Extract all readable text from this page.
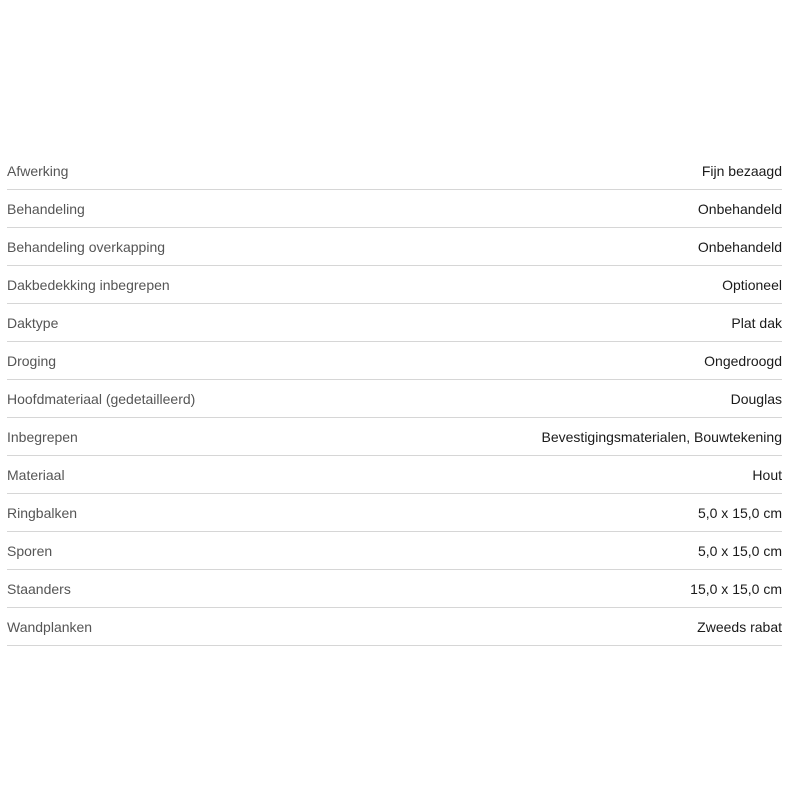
Afwerking	Fijn bezaagd
Behandeling	Onbehandeld
Behandeling overkapping	Onbehandeld
Dakbedekking inbegrepen	Optioneel
Daktype	Plat dak
Droging	Ongedroogd
Hoofdmateriaal (gedetailleerd)	Douglas
Inbegrepen	Bevestigingsmaterialen, Bouwtekening
Materiaal	Hout
Ringbalken	5,0 x 15,0 cm
Sporen	5,0 x 15,0 cm
Staanders	15,0 x 15,0 cm
Wandplanken	Zweeds rabat
